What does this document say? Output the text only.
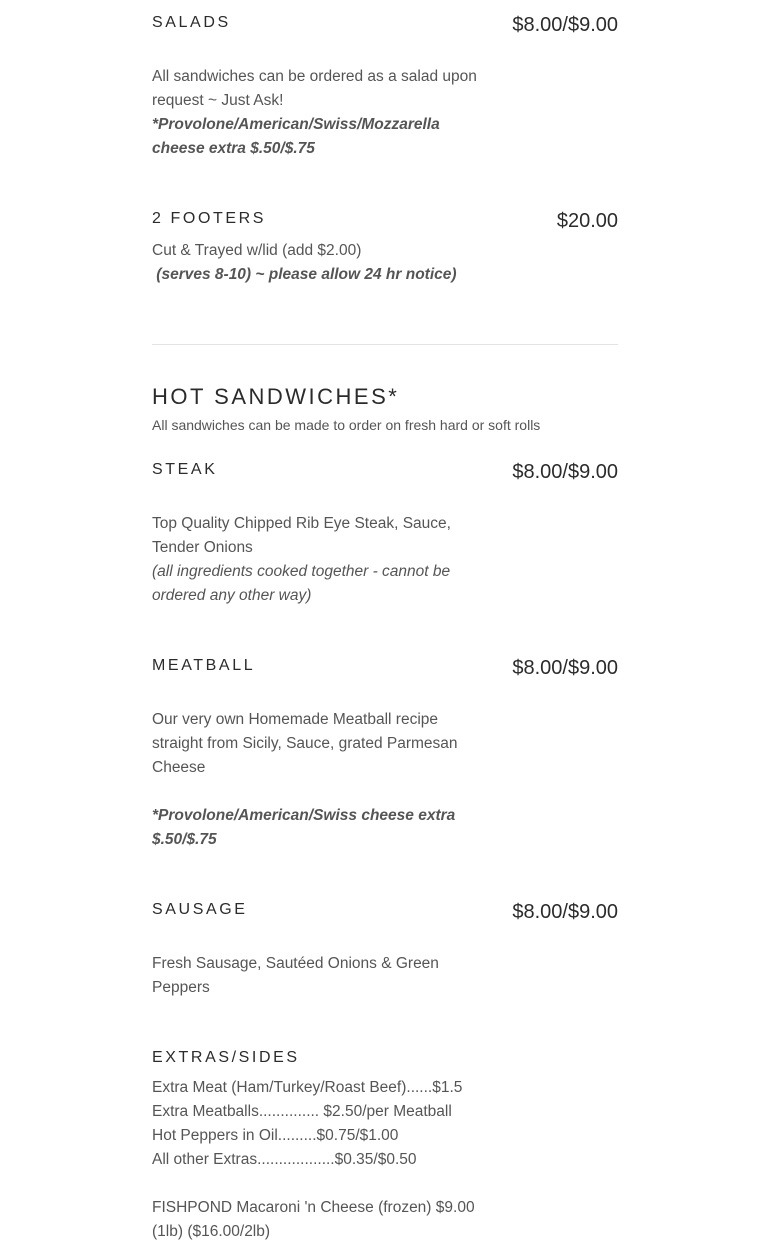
SALADS	$8.00/$9.00

All sandwiches can be ordered as a salad upon request ~ Just Ask!

*Provolone/American/Swiss/Mozzarella cheese extra $.50/$.75

2 FOOTERS	$20.00

Cut & Trayed w/lid (add $2.00)

(serves 8-10) ~ please allow 24 hr notice)

HOT SANDWICHES*
All sandwiches can be made to order on fresh hard or soft rolls
STEAK	$8.00/$9.00

Top Quality Chipped Rib Eye Steak, Sauce, Tender Onions

(all ingredients cooked together - cannot be ordered any other way)

MEATBALL	$8.00/$9.00

Our very own Homemade Meatball recipe straight from Sicily, Sauce, grated Parmesan Cheese

*Provolone/American/Swiss cheese extra $.50/$.75

SAUSAGE	$8.00/$9.00

Fresh Sausage, Sautéed Onions & Green Peppers

EXTRAS/SIDES

Extra Meat (Ham/Turkey/Roast Beef)......$1.5

Extra Meatballs.............. $2.50/per Meatball

Hot Peppers in Oil.........$0.75/$1.00

All other Extras..................$0.35/$0.50

FISHPOND Macaroni 'n Cheese (frozen) $9.00 (1lb) ($16.00/2lb)
